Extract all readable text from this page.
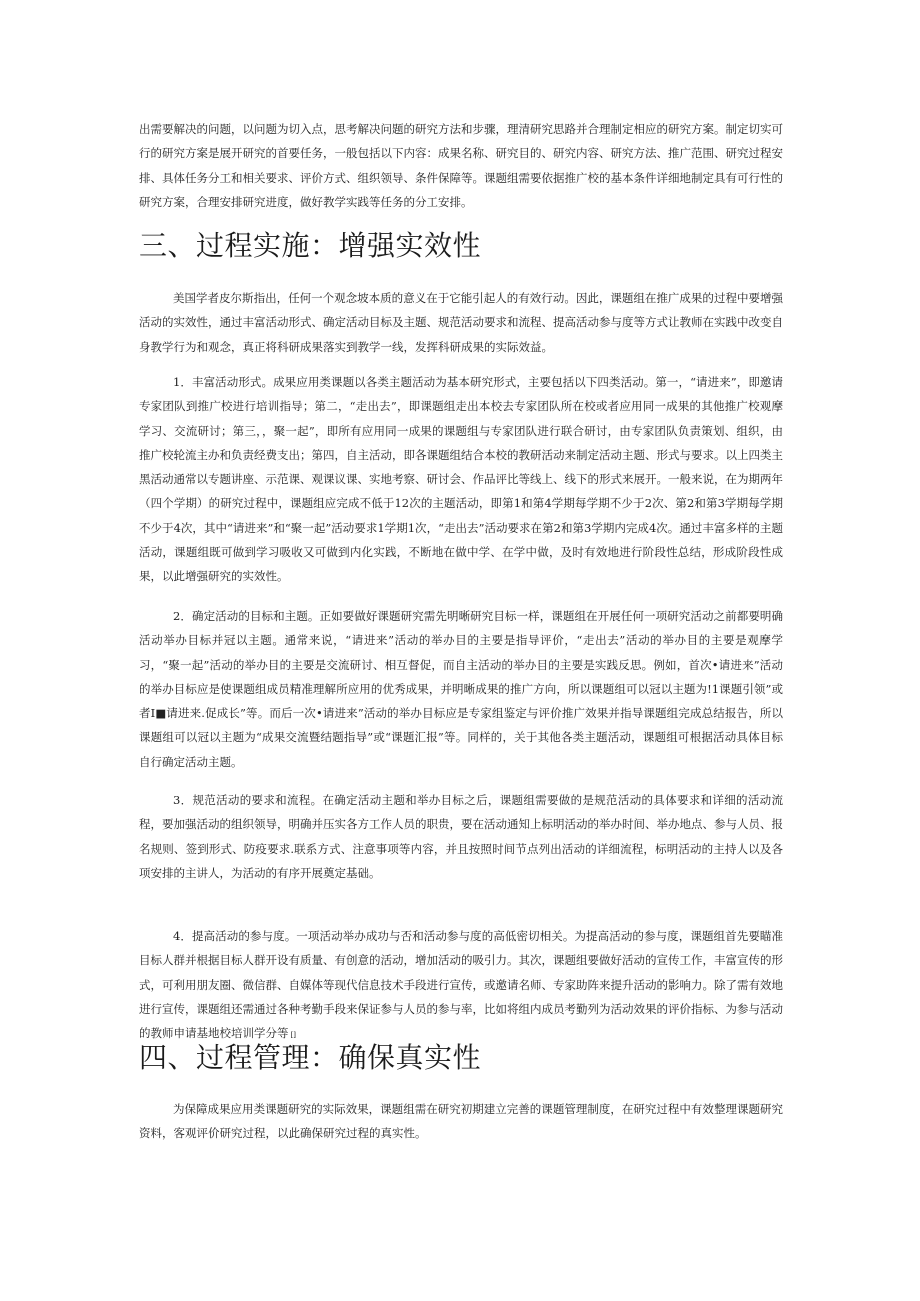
出需要解决的问题，以问题为切入点，思考解决问题的研究方法和步骤，理清研究思路并合理制定相应的研究方案。制定切实可行的研究方案是展开研究的首要任务，一般包括以下内容：成果名称、研究目的、研究内容、研究方法、推广范围、研究过程安排、具体任务分工和相关要求、评价方式、组织领导、条件保障等。课题组需要依据推广校的基本条件详细地制定具有可行性的研究方案，合理安排研究进度，做好教学实践等任务的分工安排。

三、过程实施：增强实效性

美国学者皮尔斯指出，任何一个观念坡本质的意义在于它能引起人的有效行动。因此，课题组在推广成果的过程中要增强活动的实效性，通过丰富活动形式、确定活动目标及主题、规范活动要求和流程、提高活动参与度等方式让教师在实践中改变自身教学行为和观念，真正将科研成果落实到教学一线，发挥科研成果的实际效益。

1．丰富活动形式。成果应用类课题以各类主题活动为基本研究形式，主要包括以下四类活动。第一，“请进来”，即邀请专家团队到推广校进行培训指导；第二，“走出去”，即课题组走出本校去专家团队所在校或者应用同一成果的其他推广校观摩学习、交流研讨；第三，，聚一起”，即所有应用同一成果的课题组与专家团队进行联合研讨，由专家团队负责策划、组织，由推广校轮流主办和负责经费支出；第四，自主活动，即各课题组结合本校的教研活动来制定活动主题、形式与要求。以上四类主黑活动通常以专题讲座、示范课、观课议课、实地考察、研讨会、作品评比等线上、线下的形式来展开。一般来说，在为期两年（四个学期）的研究过程中，课题组应完成不低于12次的主题活动，即第1和第4学期每学期不少于2次、第2和第3学期每学期不少于4次，其中“请进来”和“聚一起”活动要求1学期1次，“走出去”活动要求在第2和第3学期内完成4次。通过丰富多样的主题活动，课题组既可做到学习吸收又可做到内化实践，不断地在做中学、在学中做，及时有效地进行阶段性总结，形成阶段性成果，以此增强研究的实效性。

2．确定活动的目标和主题。正如要做好课题研究需先明晰研究目标一样，课题组在开展任何一项研究活动之前都要明确活动举办目标并冠以主题。通常来说，“请进来”活动的举办目的主要是指导评价，“走出去”活动的举办目的主要是观摩学习，“聚一起”活动的举办目的主要是交流研讨、相互督促，而自主活动的举办目的主要是实践反思。例如，首次•请进来”活动的举办目标应是使课题组成员精准理解所应用的优秀成果，并明晰成果的推广方向，所以课题组可以冠以主题为!1课题引领”或者I■请进来.促成长”等。而后一次•请进来”活动的举办目标应是专家组鉴定与评价推广效果并指导课题组完成总结报告，所以课题组可以冠以主题为“成果交流暨结题指导”或“课题汇报”等。同样的，关于其他各类主题活动，课题组可根据活动具体目标自行确定活动主题。

3．规范活动的要求和流程。在确定活动主题和举办目标之后，课题组需要做的是规范活动的具体要求和详细的活动流程，要加强活动的组织领导，明确并压实各方工作人员的职贵，要在活动通知上标明活动的举办时间、举办地点、参与人员、报名规则、签到形式、防疫要求.联系方式、注意事项等内容，并且按照时间节点列出活动的详细流程，标明活动的主持人以及各项安排的主讲人，为活动的有序开展奠定基础。

4．提高活动的参与度。一项活动举办成功与否和活动参与度的高低密切相关。为提高活动的参与度，课题组首先要瞄准目标人群并根据目标人群开设有质量、有创意的活动，增加活动的吸引力。其次，课题组要做好活动的宣传工作，丰富宣传的形式，可利用朋友圈、微信群、自媒体等现代信息技术手段进行宣传，或邀请名师、专家助阵来提升活动的影响力。除了需有效地进行宣传，课题组还需通过各种考勤手段来保证参与人员的参与率，比如将组内成员考勤列为活动效果的评价指标、为参与活动的教师申请基地校培训学分等 []

四、过程管理：确保真实性

为保障成果应用类课题研究的实际效果，课题组需在研究初期建立完善的课题管理制度，在研究过程中有效整理课题研究资料，客观评价研究过程，以此确保研究过程的真实性。
